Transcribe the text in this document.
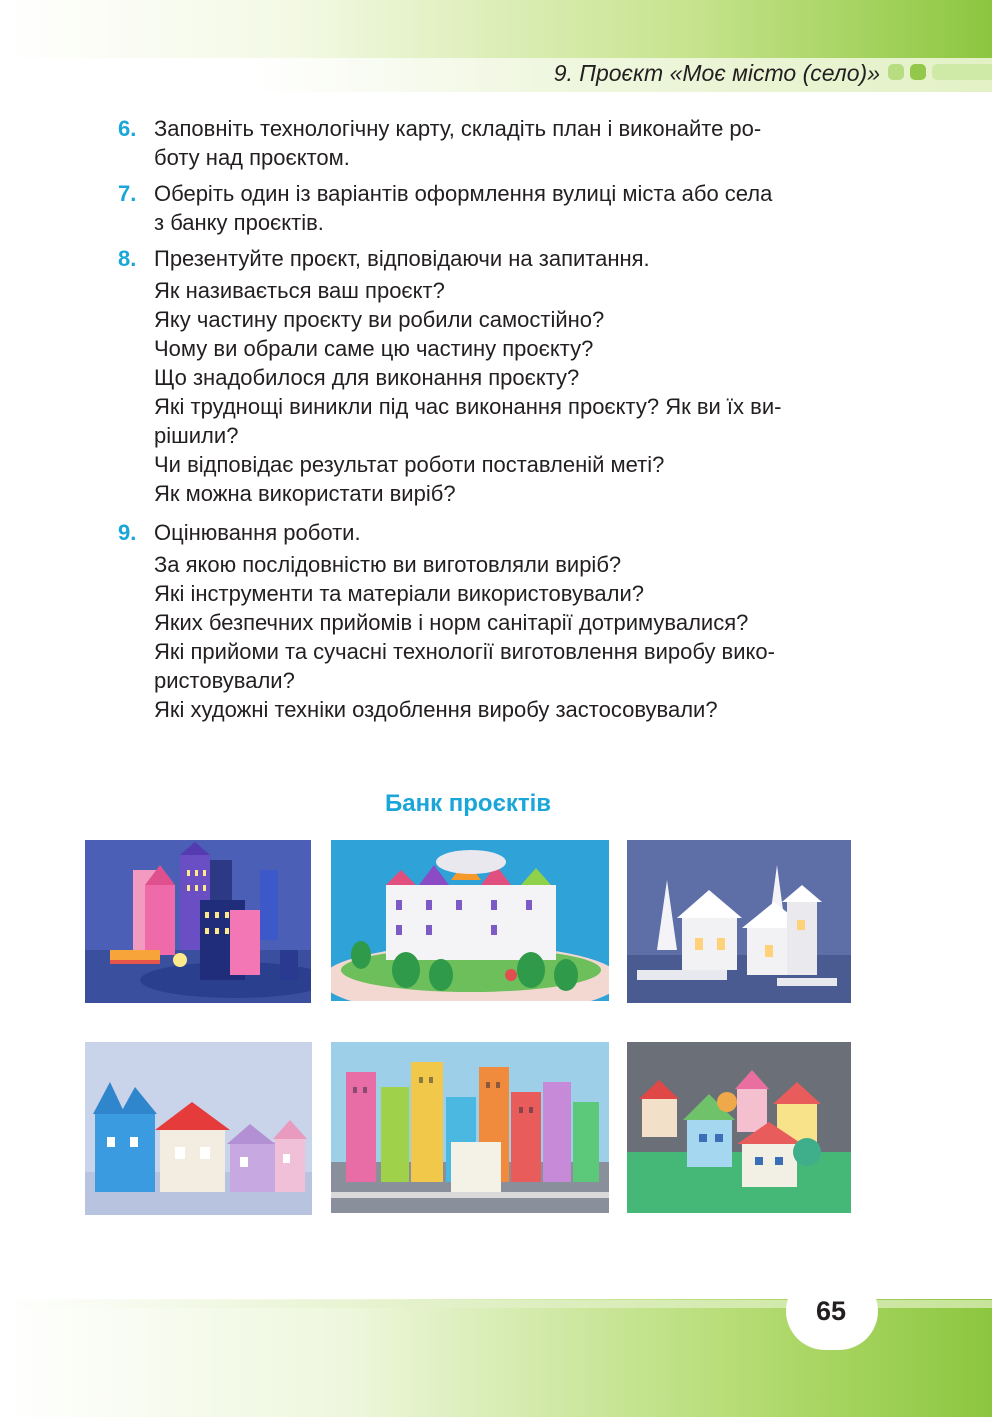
9. Проєкт «Моє місто (село)»
6. Заповніть технологічну карту, складіть план і виконайте ро-
боту над проєктом.
7. Оберіть один із варіантів оформлення вулиці міста або села
з банку проєктів.
8. Презентуйте проєкт, відповідаючи на запитання.
Як називається ваш проєкт?
Яку частину проєкту ви робили самостійно?
Чому ви обрали саме цю частину проєкту?
Що знадобилося для виконання проєкту?
Які труднощі виникли під час виконання проєкту? Як ви їх ви-
рішили?
Чи відповідає результат роботи поставленій меті?
Як можна використати виріб?
9. Оцінювання роботи.
За якою послідовністю ви виготовляли виріб?
Які інструменти та матеріали використовували?
Яких безпечних прийомів і норм санітарії дотримувалися?
Які прийоми та сучасні технології виготовлення виробу вико-
ристовували?
Які художні техніки оздоблення виробу застосовували?
Банк проєктів
65
